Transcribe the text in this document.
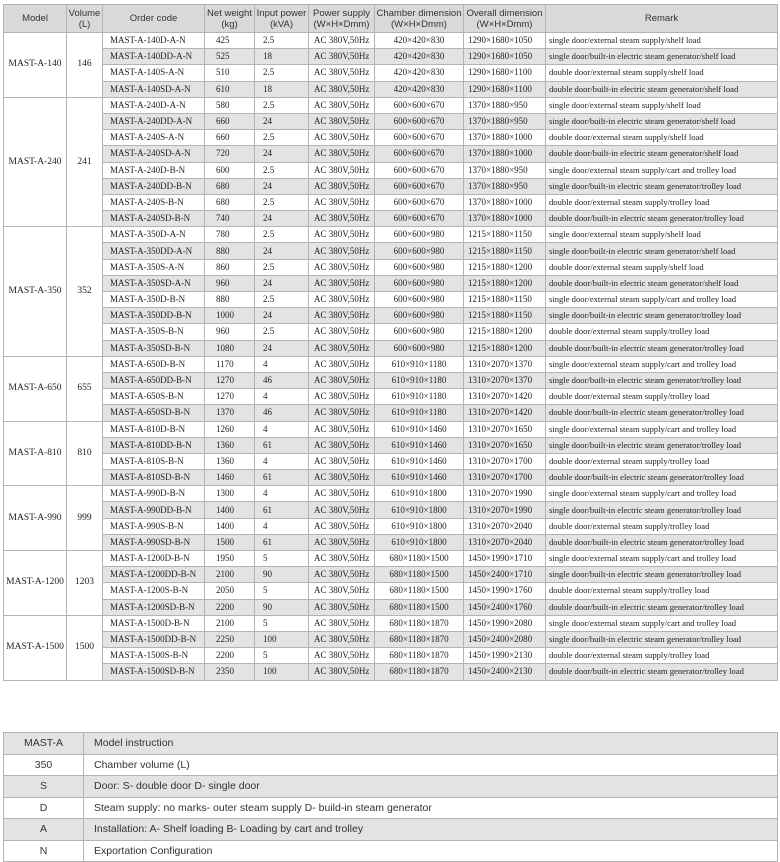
Model	Volume (L)	Order code	Net weight (kg)	Input power (kVA)	Power supply (W×H×Dmm)	Chamber dimension (W×H×Dmm)	Overall dimension (W×H×Dmm)	Remark
MAST-A-140	146	MAST-A-140D-A-N	425	2.5	AC 380V,50Hz	420×420×830	1290×1680×1050	single door/external steam supply/shelf load
		MAST-A-140DD-A-N	525	18	AC 380V,50Hz	420×420×830	1290×1680×1050	single door/built-in electric steam generator/shelf load
		MAST-A-140S-A-N	510	2.5	AC 380V,50Hz	420×420×830	1290×1680×1100	double door/external steam supply/shelf load
		MAST-A-140SD-A-N	610	18	AC 380V,50Hz	420×420×830	1290×1680×1100	double door/built-in electric steam generator/shelf load
MAST-A-240	241	MAST-A-240D-A-N	580	2.5	AC 380V,50Hz	600×600×670	1370×1880×950	single door/external steam supply/shelf load
		MAST-A-240DD-A-N	660	24	AC 380V,50Hz	600×600×670	1370×1880×950	single door/built-in electric steam generator/shelf load
		MAST-A-240S-A-N	660	2.5	AC 380V,50Hz	600×600×670	1370×1880×1000	double door/external steam supply/shelf load
		MAST-A-240SD-A-N	720	24	AC 380V,50Hz	600×600×670	1370×1880×1000	double door/built-in electric steam generator/shelf load
		MAST-A-240D-B-N	600	2.5	AC 380V,50Hz	600×600×670	1370×1880×950	single door/external steam supply/cart and trolley load
		MAST-A-240DD-B-N	680	24	AC 380V,50Hz	600×600×670	1370×1880×950	single door/built-in electric steam generator/trolley load
		MAST-A-240S-B-N	680	2.5	AC 380V,50Hz	600×600×670	1370×1880×1000	double door/external steam supply/trolley load
		MAST-A-240SD-B-N	740	24	AC 380V,50Hz	600×600×670	1370×1880×1000	double door/built-in electric steam generator/trolley load
MAST-A-350	352	MAST-A-350D-A-N	780	2.5	AC 380V,50Hz	600×600×980	1215×1880×1150	single door/external steam supply/shelf load
		MAST-A-350DD-A-N	880	24	AC 380V,50Hz	600×600×980	1215×1880×1150	single door/built-in electric steam generator/shelf load
		MAST-A-350S-A-N	860	2.5	AC 380V,50Hz	600×600×980	1215×1880×1200	double door/external steam supply/shelf load
		MAST-A-350SD-A-N	960	24	AC 380V,50Hz	600×600×980	1215×1880×1200	double door/built-in electric steam generator/shelf load
		MAST-A-350D-B-N	880	2.5	AC 380V,50Hz	600×600×980	1215×1880×1150	single door/external steam supply/cart and trolley load
		MAST-A-350DD-B-N	1000	24	AC 380V,50Hz	600×600×980	1215×1880×1150	single door/built-in electric steam generator/trolley load
		MAST-A-350S-B-N	960	2.5	AC 380V,50Hz	600×600×980	1215×1880×1200	double door/external steam supply/trolley load
		MAST-A-350SD-B-N	1080	24	AC 380V,50Hz	600×600×980	1215×1880×1200	double door/built-in electric steam generator/trolley load
MAST-A-650	655	MAST-A-650D-B-N	1170	4	AC 380V,50Hz	610×910×1180	1310×2070×1370	single door/external steam supply/cart and trolley load
		MAST-A-650DD-B-N	1270	46	AC 380V,50Hz	610×910×1180	1310×2070×1370	single door/built-in electric steam generator/trolley load
		MAST-A-650S-B-N	1270	4	AC 380V,50Hz	610×910×1180	1310×2070×1420	double door/external steam supply/trolley load
		MAST-A-650SD-B-N	1370	46	AC 380V,50Hz	610×910×1180	1310×2070×1420	double door/built-in electric steam generator/trolley load
MAST-A-810	810	MAST-A-810D-B-N	1260	4	AC 380V,50Hz	610×910×1460	1310×2070×1650	single door/external steam supply/cart and trolley load
		MAST-A-810DD-B-N	1360	61	AC 380V,50Hz	610×910×1460	1310×2070×1650	single door/built-in electric steam generator/trolley load
		MAST-A-810S-B-N	1360	4	AC 380V,50Hz	610×910×1460	1310×2070×1700	double door/external steam supply/trolley load
		MAST-A-810SD-B-N	1460	61	AC 380V,50Hz	610×910×1460	1310×2070×1700	double door/built-in electric steam generator/trolley load
MAST-A-990	999	MAST-A-990D-B-N	1300	4	AC 380V,50Hz	610×910×1800	1310×2070×1990	single door/external steam supply/cart and trolley load
		MAST-A-990DD-B-N	1400	61	AC 380V,50Hz	610×910×1800	1310×2070×1990	single door/built-in electric steam generator/trolley load
		MAST-A-990S-B-N	1400	4	AC 380V,50Hz	610×910×1800	1310×2070×2040	double door/external steam supply/trolley load
		MAST-A-990SD-B-N	1500	61	AC 380V,50Hz	610×910×1800	1310×2070×2040	double door/built-in electric steam generator/trolley load
MAST-A-1200	1203	MAST-A-1200D-B-N	1950	5	AC 380V,50Hz	680×1180×1500	1450×1990×1710	single door/external steam supply/cart and trolley load
		MAST-A-1200DD-B-N	2100	90	AC 380V,50Hz	680×1180×1500	1450×2400×1710	single door/built-in electric steam generator/trolley load
		MAST-A-1200S-B-N	2050	5	AC 380V,50Hz	680×1180×1500	1450×1990×1760	double door/external steam supply/trolley load
		MAST-A-1200SD-B-N	2200	90	AC 380V,50Hz	680×1180×1500	1450×2400×1760	double door/built-in electric steam generator/trolley load
MAST-A-1500	1500	MAST-A-1500D-B-N	2100	5	AC 380V,50Hz	680×1180×1870	1450×1990×2080	single door/external steam supply/cart and trolley load
		MAST-A-1500DD-B-N	2250	100	AC 380V,50Hz	680×1180×1870	1450×2400×2080	single door/built-in electric steam generator/trolley load
		MAST-A-1500S-B-N	2200	5	AC 380V,50Hz	680×1180×1870	1450×1990×2130	double door/external steam supply/trolley load
		MAST-A-1500SD-B-N	2350	100	AC 380V,50Hz	680×1180×1870	1450×2400×2130	double door/built-in electric steam generator/trolley load
MAST-A	Model instruction
350	Chamber volume (L)
S	Door: S- double door D- single door
D	Steam supply: no marks- outer steam supply D- build-in steam generator
A	Installation: A- Shelf loading B- Loading by cart and trolley
N	Exportation Configuration
